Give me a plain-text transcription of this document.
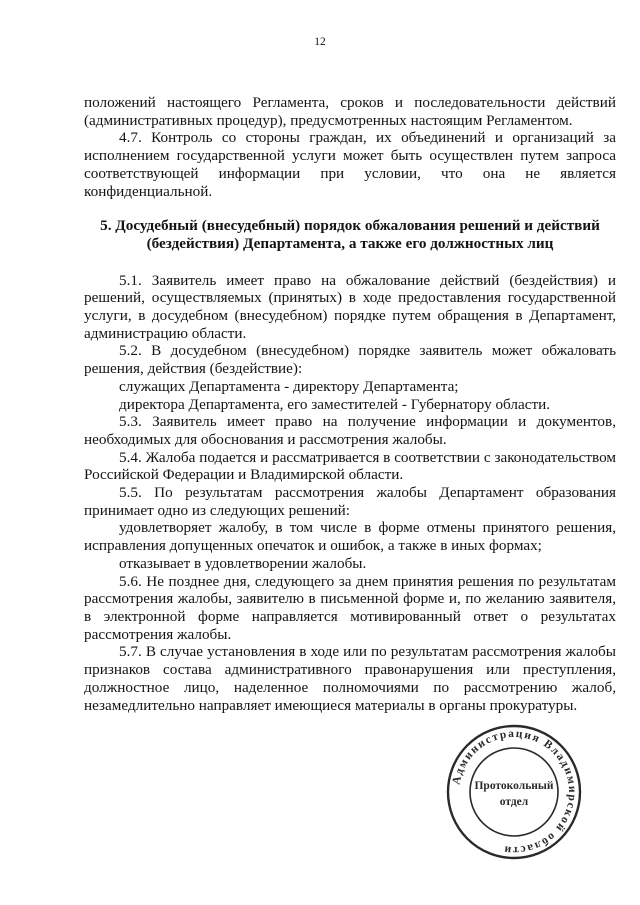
12

положений настоящего Регламента, сроков и последовательности действий

(административных процедур), предусмотренных настоящим Регламентом.

4.7. Контроль со стороны граждан, их объединений и организаций за исполнением государственной услуги может быть осуществлен путем запроса соответствующей информации при условии, что она не является конфиденциальной.

5. Досудебный (внесудебный) порядок обжалования решений и действий
(бездействия) Департамента, а также его должностных лиц

5.1. Заявитель имеет право на обжалование действий (бездействия) и решений, осуществляемых (принятых) в ходе предоставления государственной услуги, в досудебном (внесудебном) порядке путем обращения в Департамент, администрацию области.

5.2. В досудебном (внесудебном) порядке заявитель может обжаловать решения, действия (бездействие):

служащих Департамента - директору Департамента;

директора Департамента, его заместителей - Губернатору области.

5.3. Заявитель имеет право на получение информации и документов, необходимых для обоснования и рассмотрения жалобы.

5.4. Жалоба подается и рассматривается в соответствии с законодательством Российской Федерации и Владимирской области.

5.5. По результатам рассмотрения жалобы Департамент образования принимает одно из следующих решений:

удовлетворяет жалобу, в том числе в форме отмены принятого решения, исправления допущенных опечаток и ошибок, а также в иных формах;

отказывает в удовлетворении жалобы.

5.6. Не позднее дня, следующего за днем принятия решения по результатам рассмотрения жалобы, заявителю в письменной форме и, по желанию заявителя, в электронной форме направляется мотивированный ответ о результатах рассмотрения жалобы.

5.7. В случае установления в ходе или по результатам рассмотрения жалобы признаков состава административного правонарушения или преступления, должностное лицо, наделенное полномочиями по рассмотрению жалоб, незамедлительно направляет имеющиеся материалы в органы прокуратуры.

Администрация Владимирской области
Протокольный
отдел
